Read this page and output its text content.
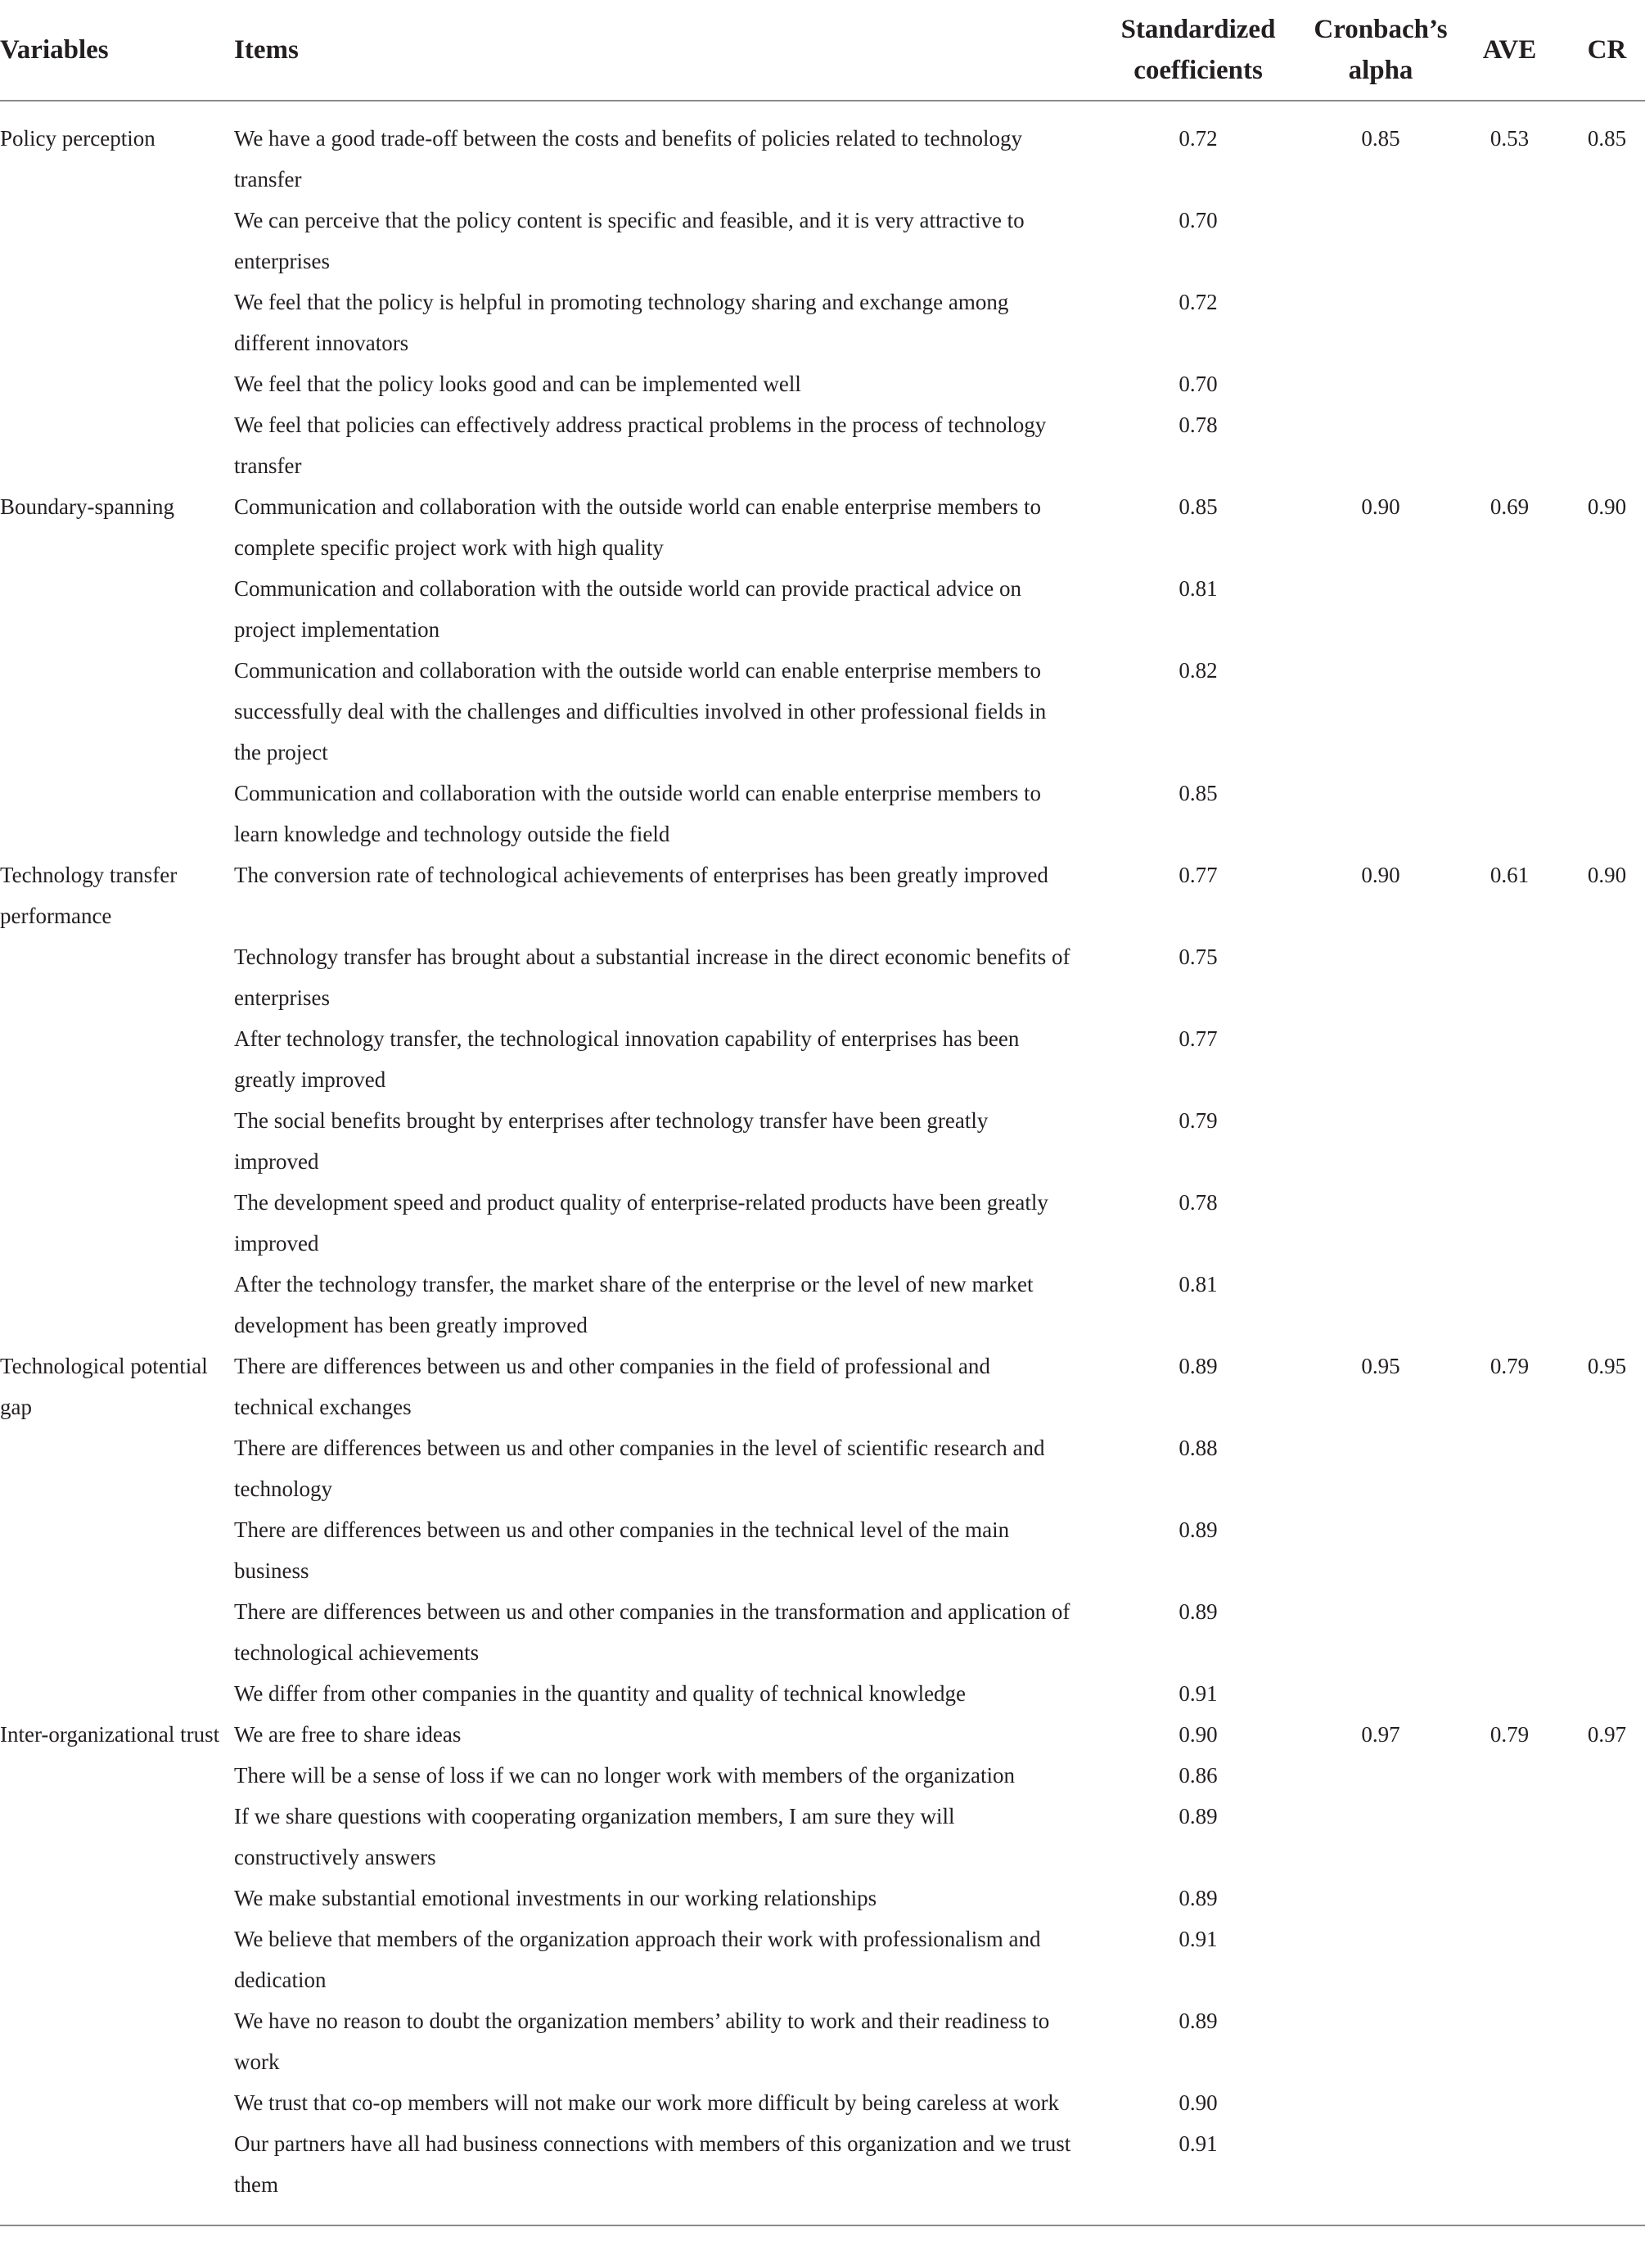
Variables	Items	Standardized coefficients	Cronbach’s alpha	AVE	CR
Policy perception	We have a good trade-off between the costs and benefits of policies related to technology transfer	0.72	0.85	0.53	0.85
	We can perceive that the policy content is specific and feasible, and it is very attractive to enterprises	0.70			
	We feel that the policy is helpful in promoting technology sharing and exchange among different innovators	0.72			
	We feel that the policy looks good and can be implemented well	0.70			
	We feel that policies can effectively address practical problems in the process of technology transfer	0.78			
Boundary-spanning	Communication and collaboration with the outside world can enable enterprise members to complete specific project work with high quality	0.85	0.90	0.69	0.90
	Communication and collaboration with the outside world can provide practical advice on project implementation	0.81			
	Communication and collaboration with the outside world can enable enterprise members to successfully deal with the challenges and difficulties involved in other professional fields in the project	0.82			
	Communication and collaboration with the outside world can enable enterprise members to learn knowledge and technology outside the field	0.85			
Technology transfer performance	The conversion rate of technological achievements of enterprises has been greatly improved	0.77	0.90	0.61	0.90
	Technology transfer has brought about a substantial increase in the direct economic benefits of enterprises	0.75			
	After technology transfer, the technological innovation capability of enterprises has been greatly improved	0.77			
	The social benefits brought by enterprises after technology transfer have been greatly improved	0.79			
	The development speed and product quality of enterprise-related products have been greatly improved	0.78			
	After the technology transfer, the market share of the enterprise or the level of new market development has been greatly improved	0.81			
Technological potential gap	There are differences between us and other companies in the field of professional and technical exchanges	0.89	0.95	0.79	0.95
	There are differences between us and other companies in the level of scientific research and technology	0.88			
	There are differences between us and other companies in the technical level of the main business	0.89			
	There are differences between us and other companies in the transformation and application of technological achievements	0.89			
	We differ from other companies in the quantity and quality of technical knowledge	0.91			
Inter-organizational trust	We are free to share ideas	0.90	0.97	0.79	0.97
	There will be a sense of loss if we can no longer work with members of the organization	0.86			
	If we share questions with cooperating organization members, I am sure they will constructively answers	0.89			
	We make substantial emotional investments in our working relationships	0.89			
	We believe that members of the organization approach their work with professionalism and dedication	0.91			
	We have no reason to doubt the organization members’ ability to work and their readiness to work	0.89			
	We trust that co-op members will not make our work more difficult by being careless at work	0.90			
	Our partners have all had business connections with members of this organization and we trust them	0.91			
